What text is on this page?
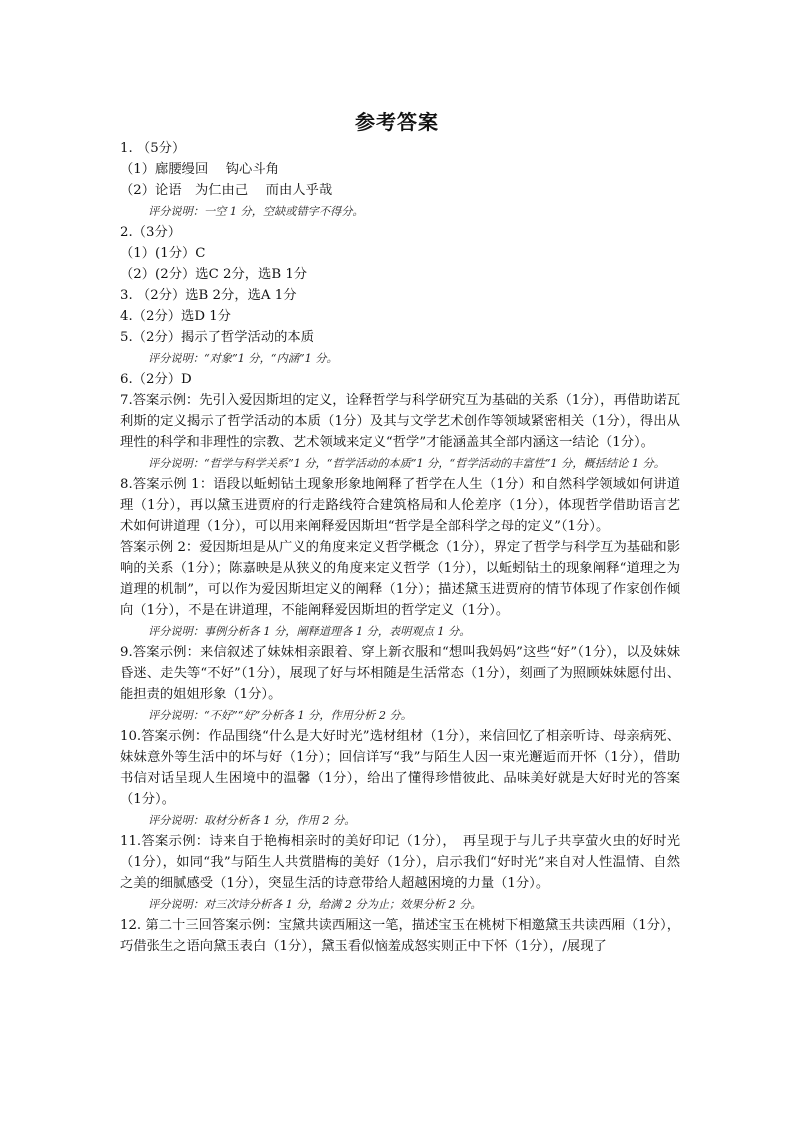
参考答案

1. （5分）

（1）廊腰缦回　 钩心斗角

（2）论语　为仁由己　 而由人乎哉

评分说明：一空 1 分，空缺或错字不得分。

2.（3分）

（1）(1分）C

（2）(2分）选C 2分，选B 1分

3. （2分）选B 2分，选A 1分

4.（2分）选D 1分

5.（2分）揭示了哲学活动的本质

评分说明：“对象”1 分，“内涵”1 分。

6.（2分）D

7.答案示例：先引入爱因斯坦的定义，诠释哲学与科学研究互为基础的关系（1分），再借助诺瓦利斯的定义揭示了哲学活动的本质（1分）及其与文学艺术创作等领域紧密相关（1分），得出从理性的科学和非理性的宗教、艺术领域来定义“哲学”才能涵盖其全部内涵这一结论（1分）。

评分说明：“哲学与科学关系”1 分，“哲学活动的本质”1 分，“哲学活动的丰富性”1 分，概括结论 1 分。

8.答案示例 1：语段以蚯蚓钻土现象形象地阐释了哲学在人生（1分）和自然科学领域如何讲道理（1分），再以黛玉进贾府的行走路线符合建筑格局和人伦差序（1分），体现哲学借助语言艺术如何讲道理（1分），可以用来阐释爱因斯坦“哲学是全部科学之母的定义”（1分）。

答案示例 2：爱因斯坦是从广义的角度来定义哲学概念（1分），界定了哲学与科学互为基础和影响的关系（1分）；陈嘉映是从狭义的角度来定义哲学（1分），以蚯蚓钻土的现象阐释“道理之为道理的机制”，可以作为爱因斯坦定义的阐释（1分）；描述黛玉进贾府的情节体现了作家创作倾向（1分），不是在讲道理，不能阐释爱因斯坦的哲学定义（1分）。

评分说明：事例分析各 1 分，阐释道理各 1 分，表明观点 1 分。

9.答案示例：来信叙述了妹妹相亲跟着、穿上新衣服和“想叫我妈妈”这些“好”（1分），以及妹妹昏迷、走失等“不好”（1分），展现了好与坏相随是生活常态（1分），刻画了为照顾妹妹愿付出、能担责的姐姐形象（1分）。

评分说明：“不好”“好”分析各 1 分，作用分析 2 分。

10.答案示例：作品围绕“什么是大好时光”选材组材（1分），来信回忆了相亲听诗、母亲病死、妹妹意外等生活中的坏与好（1分）；回信详写“我”与陌生人因一束光邂逅而开怀（1分），借助书信对话呈现人生困境中的温馨（1分），给出了懂得珍惜彼此、品味美好就是大好时光的答案（1分）。

评分说明：取材分析各 1 分，作用 2 分。

11.答案示例：诗来自于艳梅相亲时的美好印记（1分），　再呈现于与儿子共享萤火虫的好时光（1分），如同“我”与陌生人共赏腊梅的美好（1分），启示我们“好时光”来自对人性温情、自然之美的细腻感受（1分），突显生活的诗意带给人超越困境的力量（1分）。

评分说明：对三次诗分析各 1 分，给满 2 分为止；效果分析 2 分。

12. 第二十三回答案示例：宝黛共读西厢这一笔，描述宝玉在桃树下相邀黛玉共读西厢（1分），巧借张生之语向黛玉表白（1分），黛玉看似恼羞成怒实则正中下怀（1分），/展现了
